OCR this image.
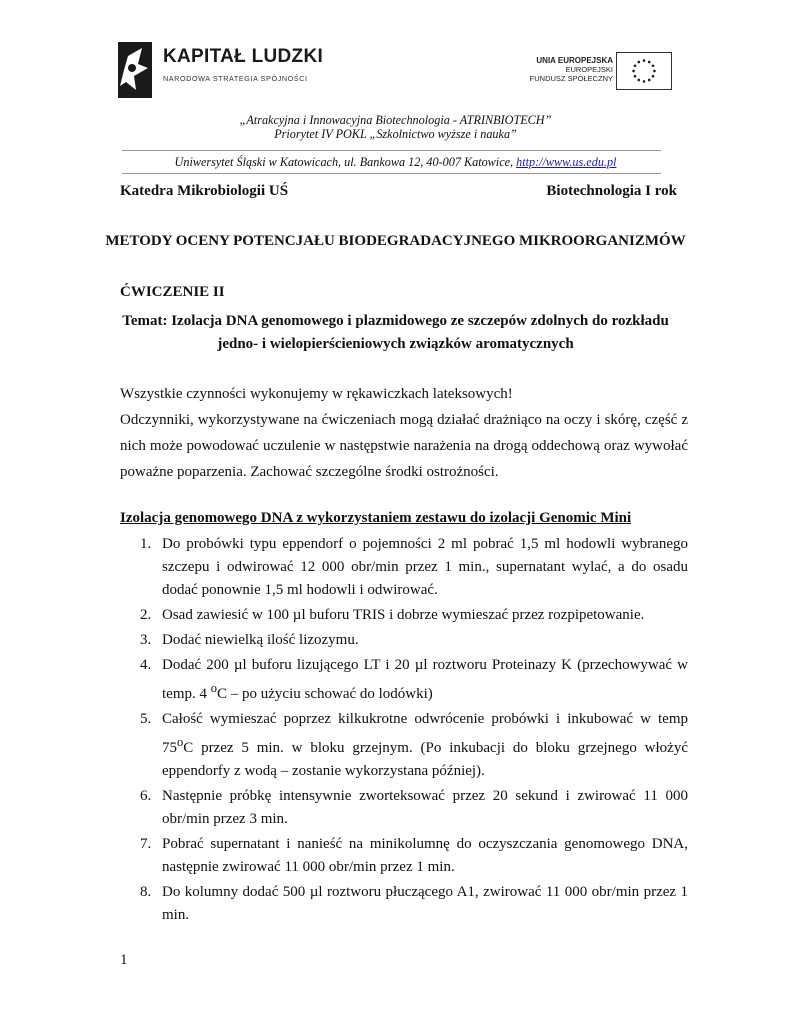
KAPITAŁ LUDZKI
NARODOWA STRATEGIA SPÓJNOŚCI
UNIA EUROPEJSKA
EUROPEJSKI
FUNDUSZ SPOŁECZNY
„Atrakcyjna i Innowacyjna Biotechnologia - ATRINBIOTECH”
Priorytet IV POKL „Szkolnictwo wyższe i nauka”
Uniwersytet Śląski w Katowicach, ul. Bankowa 12, 40-007 Katowice, http://www.us.edu.pl
Katedra Mikrobiologii UŚ	Biotechnologia I rok
METODY OCENY POTENCJAŁU BIODEGRADACYJNEGO MIKROORGANIZMÓW
ĆWICZENIE II
Temat: Izolacja DNA genomowego i plazmidowego ze szczepów zdolnych do rozkładu
jedno- i wielopierścieniowych związków aromatycznych

Wszystkie czynności wykonujemy w rękawiczkach lateksowych!

Odczynniki, wykorzystywane na ćwiczeniach mogą działać drażniąco na oczy i skórę, część z nich może powodować uczulenie w następstwie narażenia na drogą oddechową oraz wywołać poważne poparzenia. Zachować szczególne środki ostrożności.

Izolacja genomowego DNA z wykorzystaniem zestawu do izolacji Genomic Mini
1. Do probówki typu eppendorf o pojemności 2 ml pobrać 1,5 ml hodowli wybranego szczepu i odwirować 12 000 obr/min przez 1 min., supernatant wylać, a do osadu dodać ponownie 1,5 ml hodowli i odwirować.
2. Osad zawiesić w 100 µl buforu TRIS i dobrze wymieszać przez rozpipetowanie.
3. Dodać niewielką ilość lizozymu.
4. Dodać 200 µl buforu lizującego LT i 20 µl roztworu Proteinazy K (przechowywać w temp. 4 $^o$C – po użyciu schować do lodówki)
5. Całość wymieszać poprzez kilkukrotne odwrócenie probówki i inkubować w temp 75$^o$C przez 5 min. w bloku grzejnym. (Po inkubacji do bloku grzejnego włożyć eppendorfy z wodą – zostanie wykorzystana później).
6. Następnie próbkę intensywnie zworteksować przez 20 sekund i zwirować 11 000 obr/min przez 3 min.
7. Pobrać supernatant i nanieść na minikolumnę do oczyszczania genomowego DNA, następnie zwirować 11 000 obr/min przez 1 min.
8. Do kolumny dodać 500 µl roztworu płuczącego A1, zwirować 11 000 obr/min przez 1 min.
1
